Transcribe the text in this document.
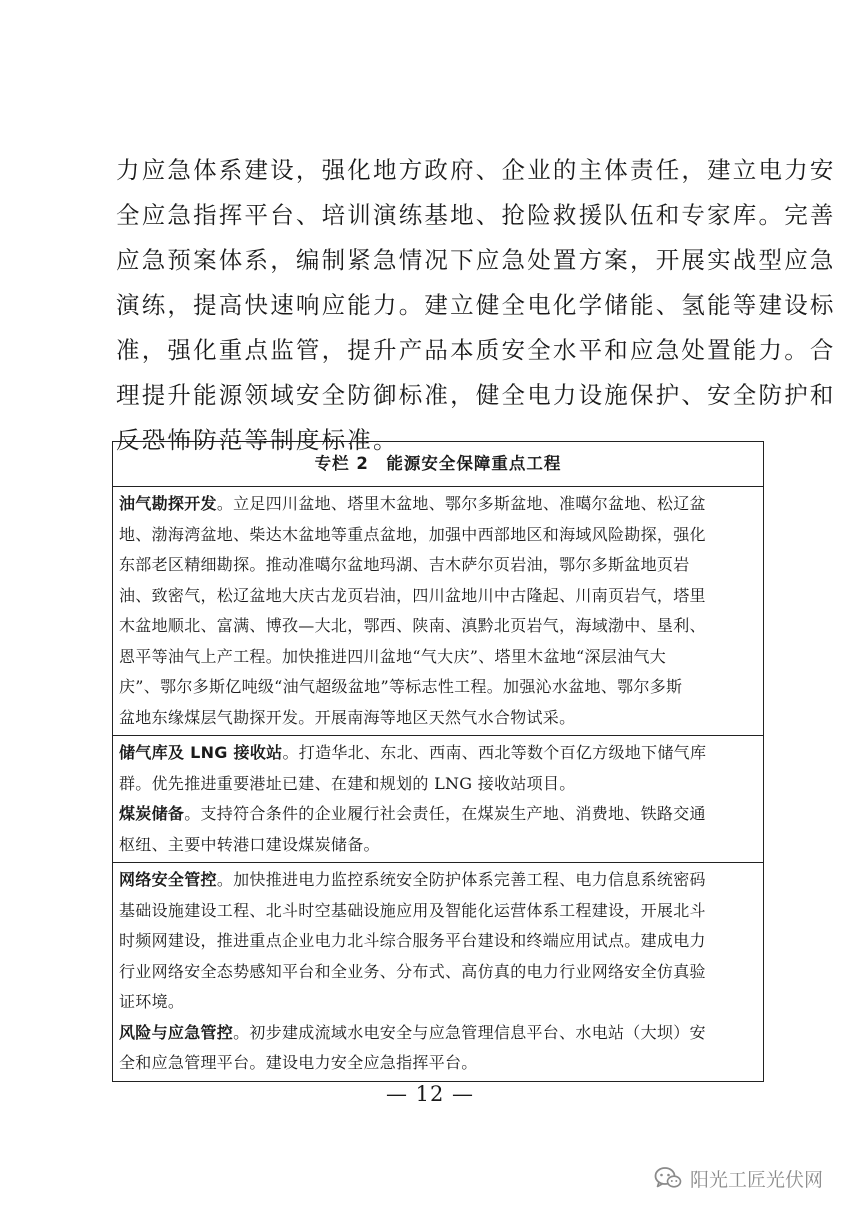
力应急体系建设，强化地方政府、企业的主体责任，建立电力安
全应急指挥平台、培训演练基地、抢险救援队伍和专家库。完善
应急预案体系，编制紧急情况下应急处置方案，开展实战型应急
演练，提高快速响应能力。建立健全电化学储能、氢能等建设标
准，强化重点监管，提升产品本质安全水平和应急处置能力。合
理提升能源领域安全防御标准，健全电力设施保护、安全防护和
反恐怖防范等制度标准。
专栏 2　能源安全保障重点工程
油气勘探开发。立足四川盆地、塔里木盆地、鄂尔多斯盆地、准噶尔盆地、松辽盆
地、渤海湾盆地、柴达木盆地等重点盆地，加强中西部地区和海域风险勘探，强化
东部老区精细勘探。推动准噶尔盆地玛湖、吉木萨尔页岩油，鄂尔多斯盆地页岩
油、致密气，松辽盆地大庆古龙页岩油，四川盆地川中古隆起、川南页岩气，塔里
木盆地顺北、富满、博孜—大北，鄂西、陕南、滇黔北页岩气，海域渤中、垦利、
恩平等油气上产工程。加快推进四川盆地“气大庆”、塔里木盆地“深层油气大
庆”、鄂尔多斯亿吨级“油气超级盆地”等标志性工程。加强沁水盆地、鄂尔多斯
盆地东缘煤层气勘探开发。开展南海等地区天然气水合物试采。
储气库及 LNG 接收站。打造华北、东北、西南、西北等数个百亿方级地下储气库
群。优先推进重要港址已建、在建和规划的 LNG 接收站项目。
煤炭储备。支持符合条件的企业履行社会责任，在煤炭生产地、消费地、铁路交通
枢纽、主要中转港口建设煤炭储备。
网络安全管控。加快推进电力监控系统安全防护体系完善工程、电力信息系统密码
基础设施建设工程、北斗时空基础设施应用及智能化运营体系工程建设，开展北斗
时频网建设，推进重点企业电力北斗综合服务平台建设和终端应用试点。建成电力
行业网络安全态势感知平台和全业务、分布式、高仿真的电力行业网络安全仿真验
证环境。
风险与应急管控。初步建成流域水电安全与应急管理信息平台、水电站（大坝）安
全和应急管理平台。建设电力安全应急指挥平台。
— 12 —
阳光工匠光伏网
